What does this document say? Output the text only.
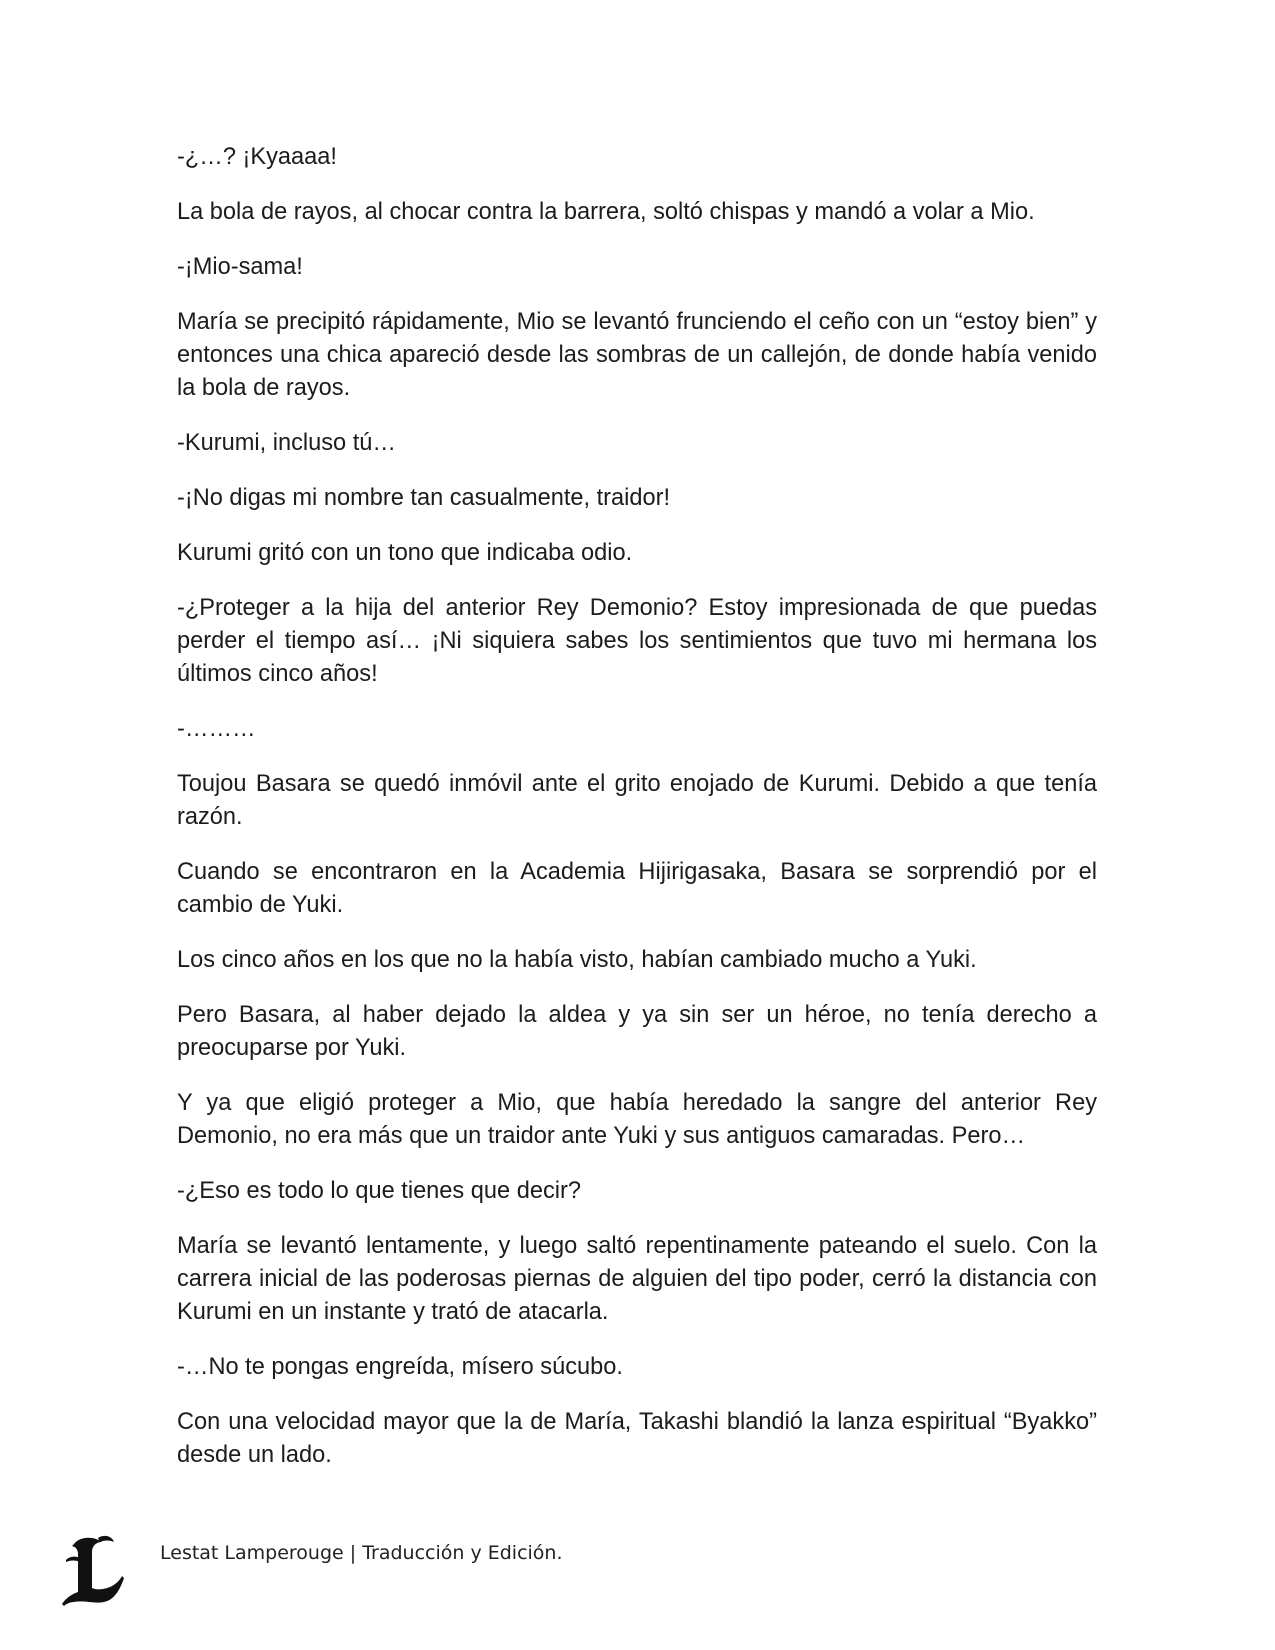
-¿…? ¡Kyaaaa!

La bola de rayos, al chocar contra la barrera, soltó chispas y mandó a volar a Mio.

-¡Mio-sama!

María se precipitó rápidamente, Mio se levantó frunciendo el ceño con un “estoy bien” y entonces una chica apareció desde las sombras de un callejón, de donde había venido la bola de rayos.

-Kurumi, incluso tú…

-¡No digas mi nombre tan casualmente, traidor!

Kurumi gritó con un tono que indicaba odio.

-¿Proteger a la hija del anterior Rey Demonio? Estoy impresionada de que puedas perder el tiempo así… ¡Ni siquiera sabes los sentimientos que tuvo mi hermana los últimos cinco años!

-………

Toujou Basara se quedó inmóvil ante el grito enojado de Kurumi. Debido a que tenía razón.

Cuando se encontraron en la Academia Hijirigasaka, Basara se sorprendió por el cambio de Yuki.

Los cinco años en los que no la había visto, habían cambiado mucho a Yuki.

Pero Basara, al haber dejado la aldea y ya sin ser un héroe, no tenía derecho a preocuparse por Yuki.

Y ya que eligió proteger a Mio, que había heredado la sangre del anterior Rey Demonio, no era más que un traidor ante Yuki y sus antiguos camaradas. Pero…

-¿Eso es todo lo que tienes que decir?

María se levantó lentamente, y luego saltó repentinamente pateando el suelo. Con la carrera inicial de las poderosas piernas de alguien del tipo poder, cerró la distancia con Kurumi en un instante y trató de atacarla.

-…No te pongas engreída, mísero súcubo.

Con una velocidad mayor que la de María, Takashi blandió la lanza espiritual “Byakko” desde un lado.

Lestat Lamperouge | Traducción y Edición.
